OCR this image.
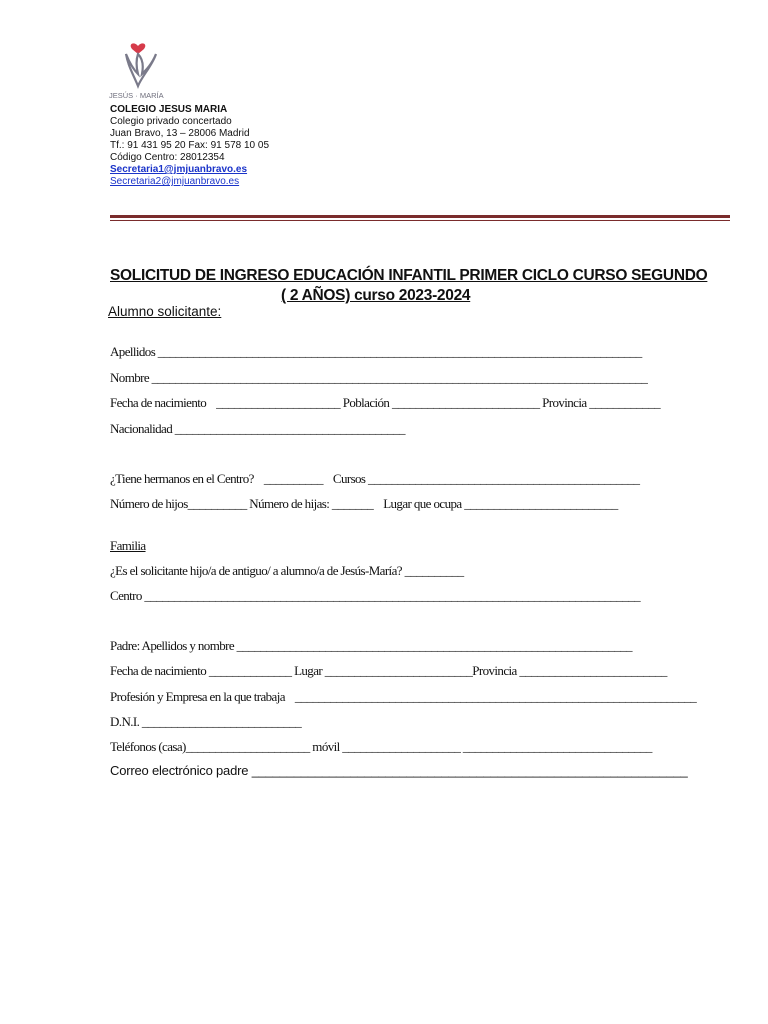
JESÚS · MARÍA
COLEGIO JESUS MARIA
Colegio privado concertado
Juan Bravo, 13 – 28006 Madrid
Tf.: 91 431 95 20 Fax: 91 578 10 05
Código Centro: 28012354
Secretaria1@jmjuanbravo.es
Secretaria2@jmjuanbravo.es
SOLICITUD DE INGRESO EDUCACIÓN INFANTIL PRIMER CICLO CURSO SEGUNDO
( 2 AÑOS) curso 2023-2024
Alumno solicitante:
Apellidos __________________________________________________________________________________
Nombre ____________________________________________________________________________________
Fecha de nacimiento _____________________ Población _________________________ Provincia ____________
Nacionalidad _______________________________________
¿Tiene hermanos en el Centro? __________ Cursos ______________________________________________
Número de hijos__________ Número de hijas: _______ Lugar que ocupa __________________________
Familia
¿Es el solicitante hijo/a de antiguo/ a alumno/a de Jesús-María? __________
Centro ____________________________________________________________________________________
Padre: Apellidos y nombre ___________________________________________________________________
Fecha de nacimiento ______________ Lugar _________________________Provincia _________________________
Profesión y Empresa en la que trabaja ____________________________________________________________________
D.N.I. ___________________________
Teléfonos (casa)_____________________ móvil ____________________ ________________________________
Correo electrónico padre ______________________________________________________________
